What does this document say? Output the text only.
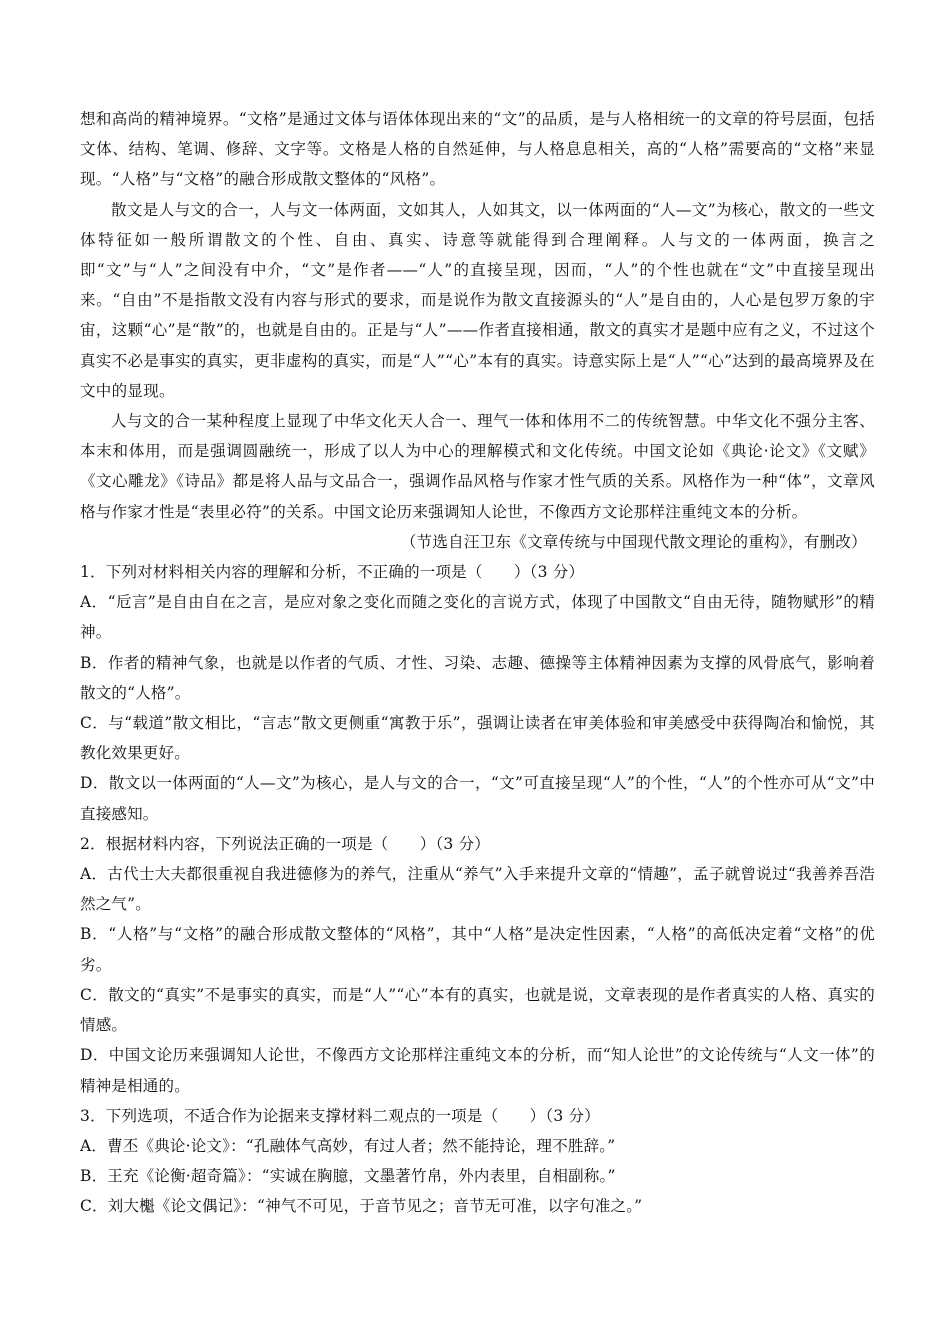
想和高尚的精神境界。“文格”是通过文体与语体体现出来的“文”的品质，是与人格相统一的文章的符号层面，包括文体、结构、笔调、修辞、文字等。文格是人格的自然延伸，与人格息息相关，高的“人格”需要高的“文格”来显现。“人格”与“文格”的融合形成散文整体的“风格”。

散文是人与文的合一，人与文一体两面，文如其人，人如其文，以一体两面的“人—文”为核心，散文的一些文体特征如一般所谓散文的个性、自由、真实、诗意等就能得到合理阐释。人与文的一体两面，换言之即“文”与“人”之间没有中介，“文”是作者——“人”的直接呈现，因而，“人”的个性也就在“文”中直接呈现出来。“自由”不是指散文没有内容与形式的要求，而是说作为散文直接源头的“人”是自由的，人心是包罗万象的宇宙，这颗“心”是“散”的，也就是自由的。正是与“人”——作者直接相通，散文的真实才是题中应有之义，不过这个真实不必是事实的真实，更非虚构的真实，而是“人”“心”本有的真实。诗意实际上是“人”“心”达到的最高境界及在文中的显现。

人与文的合一某种程度上显现了中华文化天人合一、理气一体和体用不二的传统智慧。中华文化不强分主客、本末和体用，而是强调圆融统一，形成了以人为中心的理解模式和文化传统。中国文论如《典论·论文》《文赋》《文心雕龙》《诗品》都是将人品与文品合一，强调作品风格与作家才性气质的关系。风格作为一种“体”，文章风格与作家才性是“表里必符”的关系。中国文论历来强调知人论世，不像西方文论那样注重纯文本的分析。

（节选自汪卫东《文章传统与中国现代散文理论的重构》，有删改）

1．下列对材料相关内容的理解和分析，不正确的一项是（　　）（3 分）

A．“卮言”是自由自在之言，是应对象之变化而随之变化的言说方式，体现了中国散文“自由无待，随物赋形”的精神。

B．作者的精神气象，也就是以作者的气质、才性、习染、志趣、德操等主体精神因素为支撑的风骨底气，影响着散文的“人格”。

C．与“载道”散文相比，“言志”散文更侧重“寓教于乐”，强调让读者在审美体验和审美感受中获得陶冶和愉悦，其教化效果更好。

D．散文以一体两面的“人—文”为核心，是人与文的合一，“文”可直接呈现“人”的个性，“人”的个性亦可从“文”中直接感知。

2．根据材料内容，下列说法正确的一项是（　　）（3 分）

A．古代士大夫都很重视自我进德修为的养气，注重从“养气”入手来提升文章的“情趣”，孟子就曾说过“我善养吾浩然之气”。

B．“人格”与“文格”的融合形成散文整体的“风格”，其中“人格”是决定性因素，“人格”的高低决定着“文格”的优劣。

C．散文的“真实”不是事实的真实，而是“人”“心”本有的真实，也就是说，文章表现的是作者真实的人格、真实的情感。

D．中国文论历来强调知人论世，不像西方文论那样注重纯文本的分析，而“知人论世”的文论传统与“人文一体”的精神是相通的。

3．下列选项，不适合作为论据来支撑材料二观点的一项是（　　）（3 分）

A．曹丕《典论·论文》：“孔融体气高妙，有过人者；然不能持论，理不胜辞。”

B．王充《论衡·超奇篇》：“实诚在胸臆，文墨著竹帛，外内表里，自相副称。”

C．刘大櫆《论文偶记》：“神气不可见，于音节见之；音节无可准，以字句准之。”
